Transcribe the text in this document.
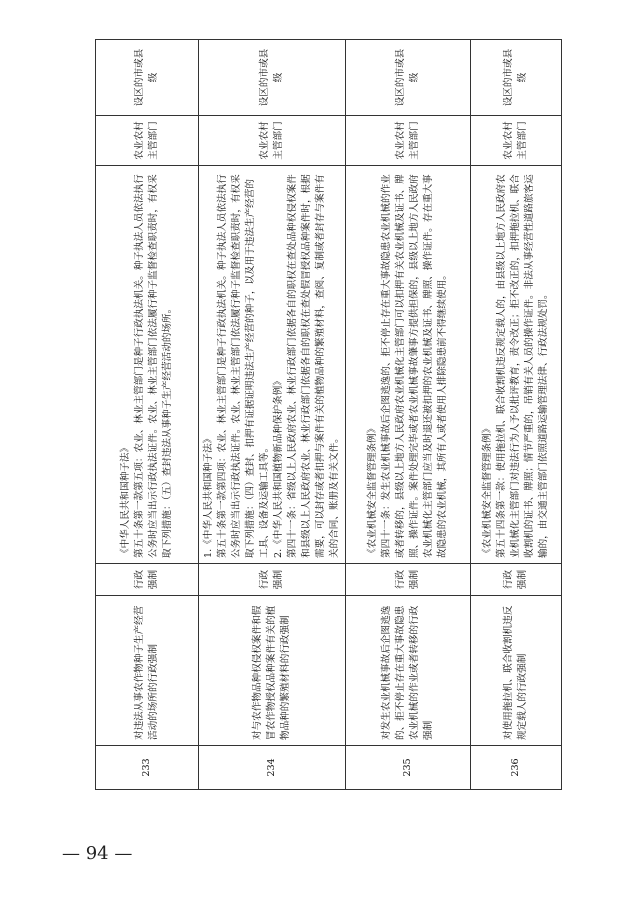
233	对违法从事农作物种子生产经营活动的场所的行政强制	行政强制	《中华人民共和国种子法》 第五十条第一款第五项：农业、林业主管部门是种子行政执法机关。种子执法人员依法执行公务时应当出示行政执法证件。农业、林业主管部门依法履行种子监督检查职责时，有权采取下列措施：（五）查封违法从事种子生产经营活动的场所。	农业农村主管部门	设区的市或县级
234	对与农作物品种权侵权案件和假冒农作物授权品种案件有关的植物品种的繁殖材料的行政强制	行政强制	1.《中华人民共和国种子法》 第五十条第一款第四项：农业、林业主管部门是种子行政执法机关。种子执法人员依法执行公务时应当出示行政执法证件。农业、林业主管部门依法履行种子监督检查职责时，有权采取下列措施：（四）查封、扣押有证据证明违法生产经营的种子，以及用于违法生产经营的工具、设备及运输工具等。 2.《中华人民共和国植物新品种保护条例》 第四十一条：省级以上人民政府农业、林业行政部门依据各自的职权在查处品种权侵权案件和县级以上人民政府农业、林业行政部门依据各自的职权在查处假冒授权品种案件时，根据需要，可以封存或者扣押与案件有关的植物品种的繁殖材料，查阅、复制或者封存与案件有关的合同、账册及有关文件。	农业农村主管部门	设区的市或县级
235	对发生农业机械事故后企图逃逸的、拒不停止存在重大事故隐患农业机械的作业或者转移的行政强制	行政强制	《农业机械安全监督管理条例》 第四十一条：发生农业机械事故后企图逃逸的、拒不停止存在重大事故隐患农业机械的作业或者转移的，县级以上地方人民政府农业机械化主管部门可以扣押有关农业机械及证书、牌照、操作证件。案件处理完毕或者农业机械事故肇事方提供担保的，县级以上地方人民政府农业机械化主管部门应当及时退还被扣押的农业机械及证书、牌照、操作证件。存在重大事故隐患的农业机械，其所有人或者使用人排除隐患前不得继续使用。	农业农村主管部门	设区的市或县级
236	对使用拖拉机、联合收割机违反规定载人的行政强制	行政强制	《农业机械安全监督管理条例》 第五十四条第一款：使用拖拉机、联合收割机违反规定载人的，由县级以上地方人民政府农业机械化主管部门对违法行为人予以批评教育，责令改正；拒不改正的，扣押拖拉机、联合收割机的证书、牌照；情节严重的，吊销有关人员的操作证件。非法从事经营性道路旅客运输的，由交通主管部门依照道路运输管理法律、行政法规处罚。	农业农村主管部门	设区的市或县级
— 94 —
